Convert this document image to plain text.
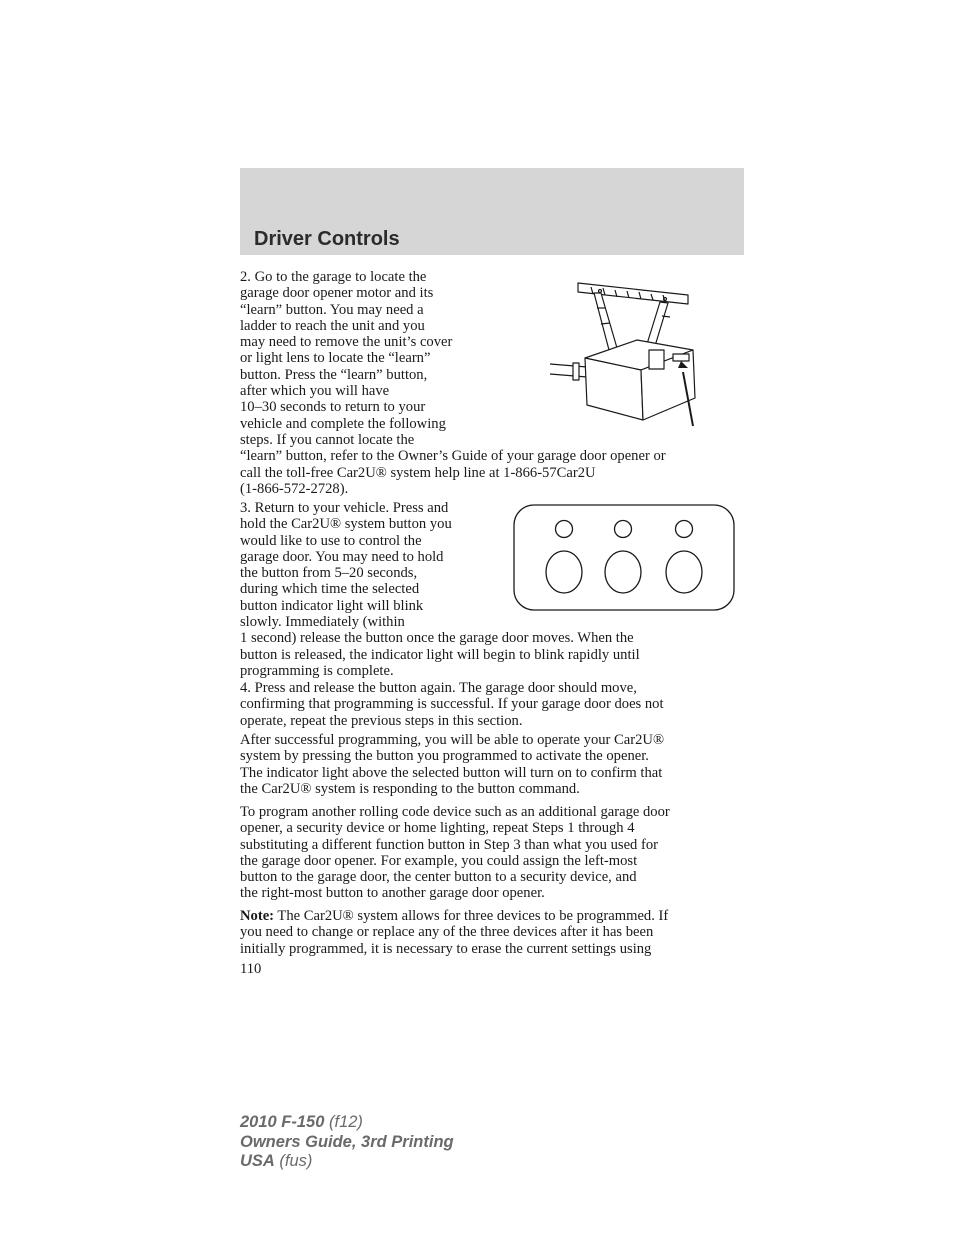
Driver Controls
2. Go to the garage to locate the
garage door opener motor and its
“learn” button. You may need a
ladder to reach the unit and you
may need to remove the unit’s cover
or light lens to locate the “learn”
button. Press the “learn” button,
after which you will have
10–30 seconds to return to your
vehicle and complete the following
steps. If you cannot locate the
“learn” button, refer to the Owner’s Guide of your garage door opener or
call the toll-free Car2U® system help line at 1-866-57Car2U
(1-866-572-2728).
3. Return to your vehicle. Press and
hold the Car2U® system button you
would like to use to control the
garage door. You may need to hold
the button from 5–20 seconds,
during which time the selected
button indicator light will blink
slowly. Immediately (within
1 second) release the button once the garage door moves. When the
button is released, the indicator light will begin to blink rapidly until
programming is complete.
4. Press and release the button again. The garage door should move,
confirming that programming is successful. If your garage door does not
operate, repeat the previous steps in this section.
After successful programming, you will be able to operate your Car2U®
system by pressing the button you programmed to activate the opener.
The indicator light above the selected button will turn on to confirm that
the Car2U® system is responding to the button command.
To program another rolling code device such as an additional garage door
opener, a security device or home lighting, repeat Steps 1 through 4
substituting a different function button in Step 3 than what you used for
the garage door opener. For example, you could assign the left-most
button to the garage door, the center button to a security device, and
the right-most button to another garage door opener.
Note: The Car2U® system allows for three devices to be programmed. If
you need to change or replace any of the three devices after it has been
initially programmed, it is necessary to erase the current settings using
110
2010 F-150 (f12)
Owners Guide, 3rd Printing
USA (fus)
